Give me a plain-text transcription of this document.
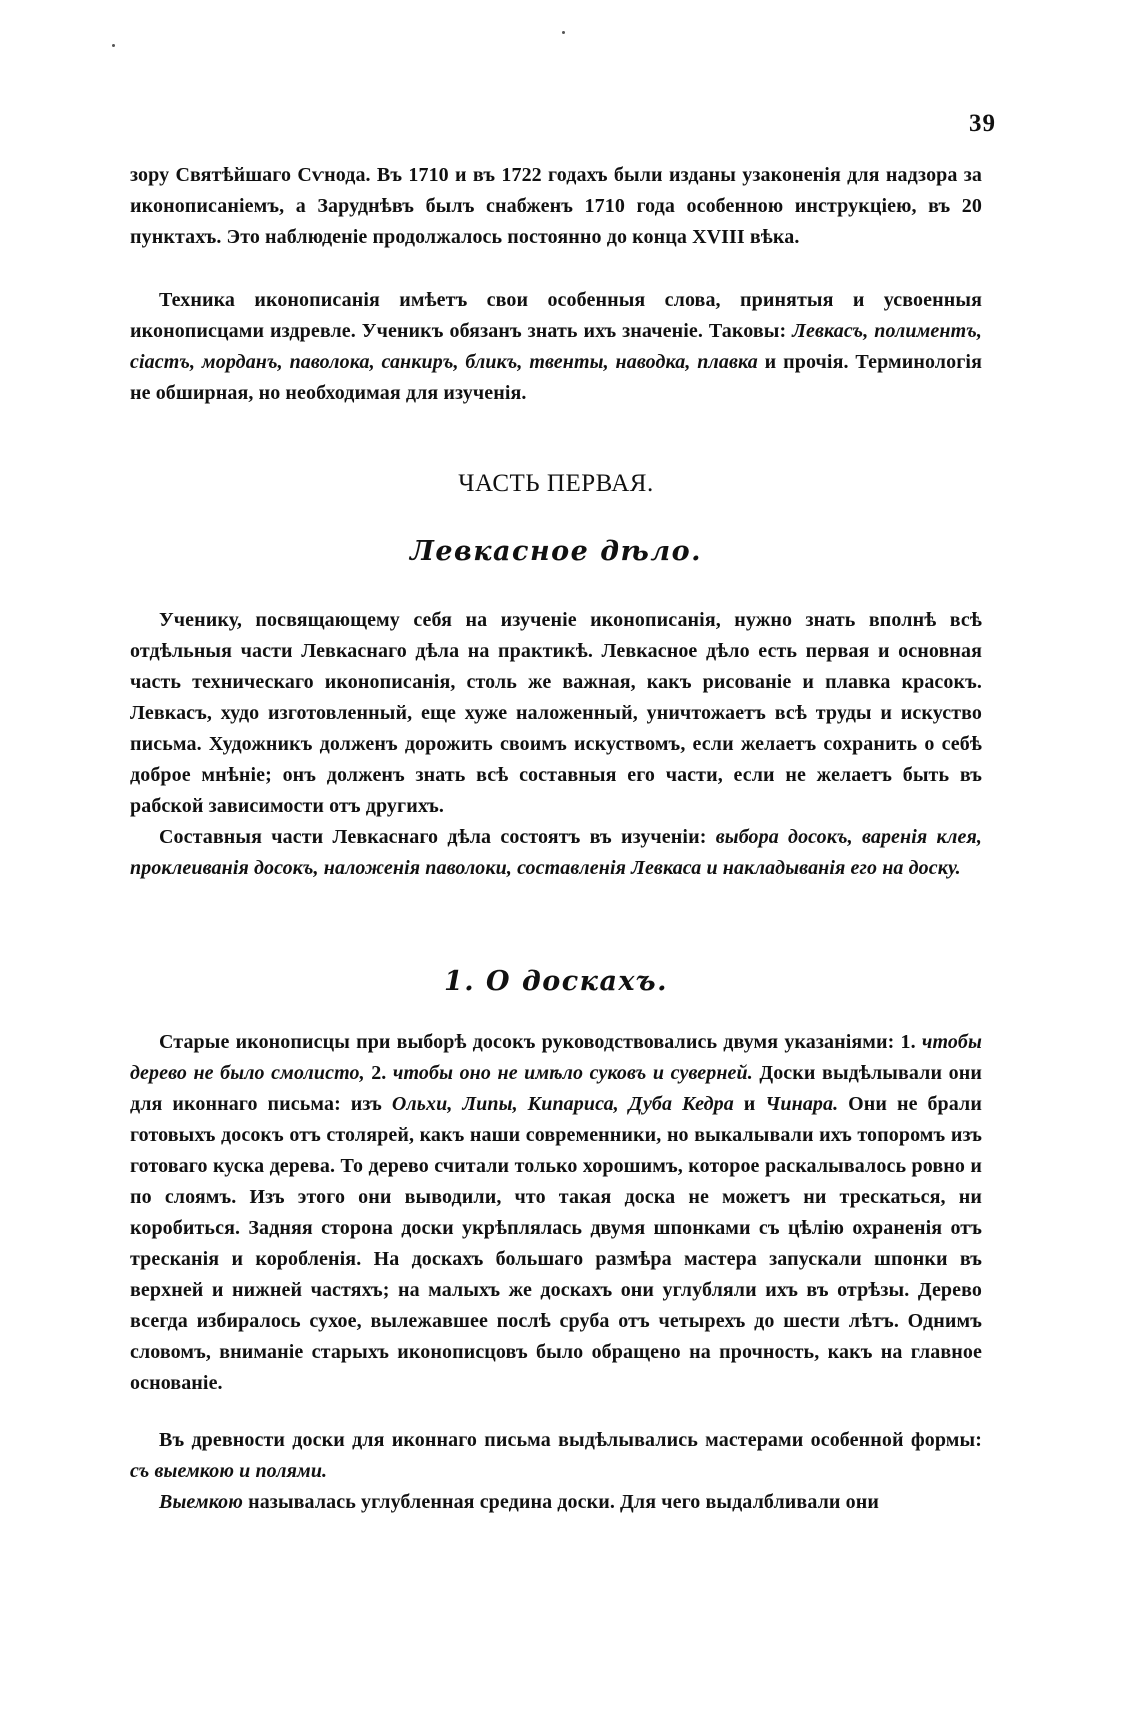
39

зору Святѣйшаго Сѵнода. Въ 1710 и въ 1722 годахъ были изданы узаконенія для надзора за иконописаніемъ, а Заруднѣвъ былъ снабженъ 1710 года особенною инструкціею, въ 20 пунктахъ. Это наблюденіе продолжалось постоянно до конца XVIII вѣка.

Техника иконописанія имѣетъ свои особенныя слова, принятыя и усвоенныя иконописцами издревле. Ученикъ обязанъ знать ихъ значеніе. Таковы: Левкасъ, полиментъ, сіастъ, морданъ, паволока, санкиръ, бликъ, твенты, наводка, плавка и прочія. Терминологія не обширная, но необходимая для изученія.

ЧАСТЬ ПЕРВАЯ.
Левкасное дѣло.

Ученику, посвящающему себя на изученіе иконописанія, нужно знать вполнѣ всѣ отдѣльныя части Левкаснаго дѣла на практикѣ. Левкасное дѣло есть первая и основная часть техническаго иконописанія, столь же важная, какъ рисованіе и плавка красокъ. Левкасъ, худо изготовленный, еще хуже наложенный, уничтожаетъ всѣ труды и искуство письма. Художникъ долженъ дорожить своимъ искуствомъ, если желаетъ сохранить о себѣ доброе мнѣніе; онъ долженъ знать всѣ составныя его части, если не желаетъ быть въ рабской зависимости отъ другихъ.

Составныя части Левкаснаго дѣла состоятъ въ изученіи: выбора досокъ, варенія клея, проклеиванія досокъ, наложенія паволоки, составленія Левкаса и накладыванія его на доску.

1. О доскахъ.

Старые иконописцы при выборѣ досокъ руководствовались двумя указаніями: 1. чтобы дерево не было смолисто, 2. чтобы оно не имѣло суковъ и суверней. Доски выдѣлывали они для иконнаго письма: изъ Ольхи, Липы, Кипариса, Дуба Кедра и Чинара. Они не брали готовыхъ досокъ отъ столярей, какъ наши современники, но выкалывали ихъ топоромъ изъ готоваго куска дерева. То дерево считали только хорошимъ, которое раскалывалось ровно и по слоямъ. Изъ этого они выводили, что такая доска не можетъ ни трескаться, ни коробиться. Задняя сторона доски укрѣплялась двумя шпонками съ цѣлію охраненія отъ тресканія и коробленія. На доскахъ большаго размѣра мастера запускали шпонки въ верхней и нижней частяхъ; на малыхъ же доскахъ они углубляли ихъ въ отрѣзы. Дерево всегда избиралось сухое, вылежавшее послѣ сруба отъ четырехъ до шести лѣтъ. Однимъ словомъ, вниманіе старыхъ иконописцовъ было обращено на прочность, какъ на главное основаніе.

Въ древности доски для иконнаго письма выдѣлывались мастерами особенной формы: съ выемкою и полями.

Выемкою называлась углубленная средина доски. Для чего выдалбливали они
